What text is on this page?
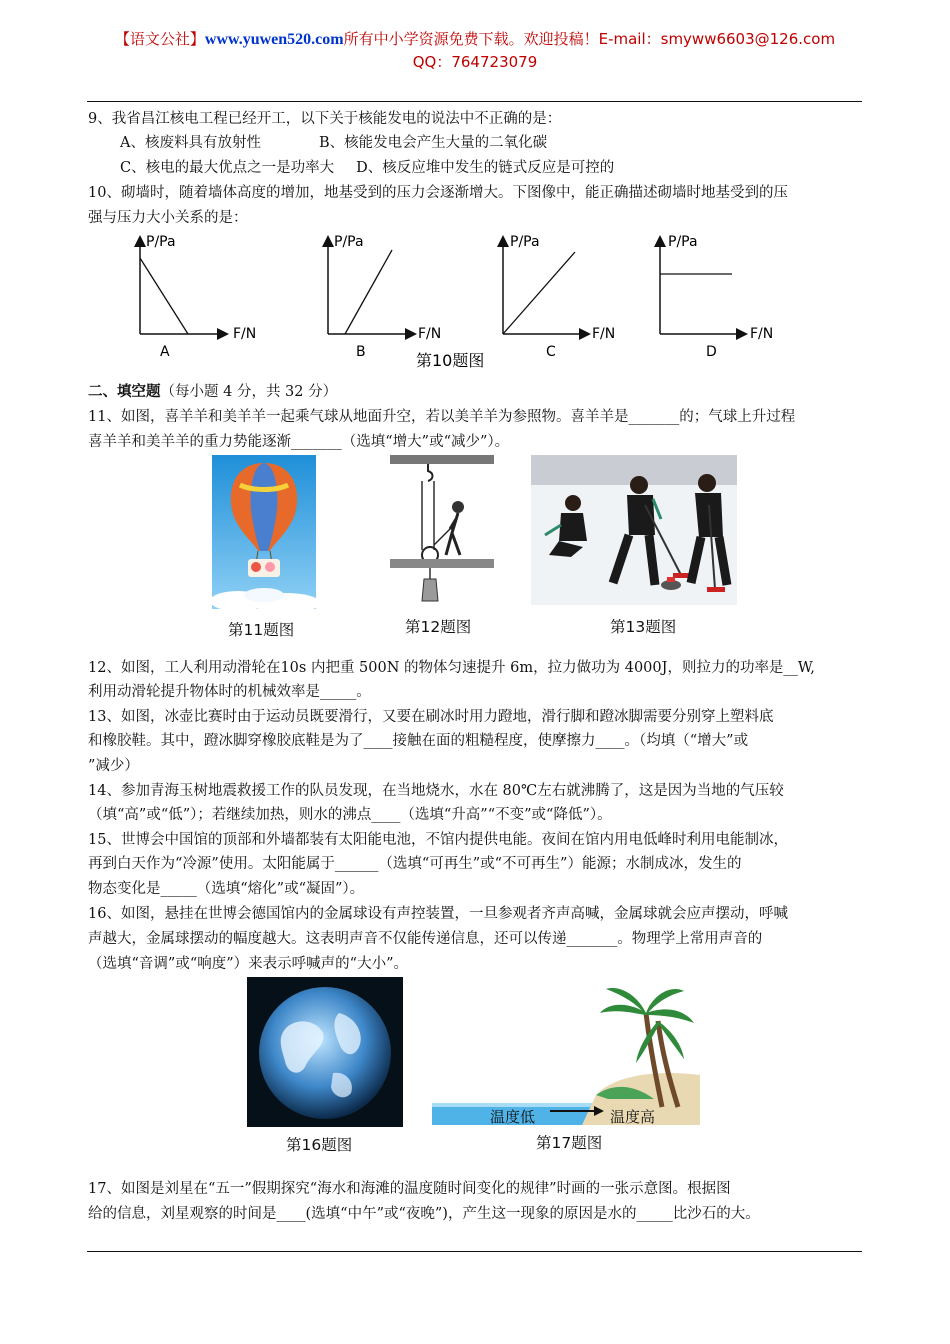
【语文公社】www.yuwen520.com所有中小学资源免费下载。欢迎投稿！E-mail：smyww6603@126.com
QQ：764723079

9、我省昌江核电工程已经开工，以下关于核能发电的说法中不正确的是：

A、核废料具有放射性	B、核能发电会产生大量的二氧化碳

C、核电的最大优点之一是功率大 D、核反应堆中发生的链式反应是可控的

10、砌墙时，随着墙体高度的增加，地基受到的压力会逐渐增大。下图像中，能正确描述砌墙时地基受到的压

强与压力大小关系的是：

P/Pa
F/N
A
P/Pa
F/N
B
P/Pa
F/N
C
P/Pa
F/N
D
第10题图

二、填空题（每小题 4 分，共 32 分）

11、如图，喜羊羊和美羊羊一起乘气球从地面升空，若以美羊羊为参照物。喜羊羊是_______的；气球上升过程

喜羊羊和美羊羊的重力势能逐渐_______（选填“增大”或“减少”）。

第11题图	第12题图	第13题图

12、如图，工人利用动滑轮在10s 内把重 500N 的物体匀速提升 6m，拉力做功为 4000J，则拉力的功率是__W,

利用动滑轮提升物体时的机械效率是_____。

13、如图，冰壶比赛时由于运动员既要滑行，又要在刷冰时用力蹬地，滑行脚和蹬冰脚需要分别穿上塑料底

和橡胶鞋。其中，蹬冰脚穿橡胶底鞋是为了____接触在面的粗糙程度，使摩擦力____。（均填（“增大”或

”减少）

14、参加青海玉树地震救援工作的队员发现，在当地烧水，水在 80℃左右就沸腾了，这是因为当地的气压较

（填“高”或“低”）；若继续加热，则水的沸点____（选填“升高”“不变”或“降低”）。

15、世博会中国馆的顶部和外墙都装有太阳能电池，不馆内提供电能。夜间在馆内用电低峰时利用电能制冰，

再到白天作为“冷源”使用。太阳能属于______（选填“可再生”或“不可再生”）能源；水制成冰，发生的

物态变化是_____（选填“熔化”或“凝固”）。

16、如图，悬挂在世博会德国馆内的金属球设有声控装置，一旦参观者齐声高喊，金属球就会应声摆动，呼喊

声越大，金属球摆动的幅度越大。这表明声音不仅能传递信息，还可以传递_______。物理学上常用声音的

（选填“音调”或“响度”）来表示呼喊声的“大小”。

温度低	温度高
第16题图	第17题图

17、如图是刘星在“五一”假期探究“海水和海滩的温度随时间变化的规律”时画的一张示意图。根据图

给的信息，刘星观察的时间是____(选填“中午”或“夜晚”)，产生这一现象的原因是水的_____比沙石的大。
